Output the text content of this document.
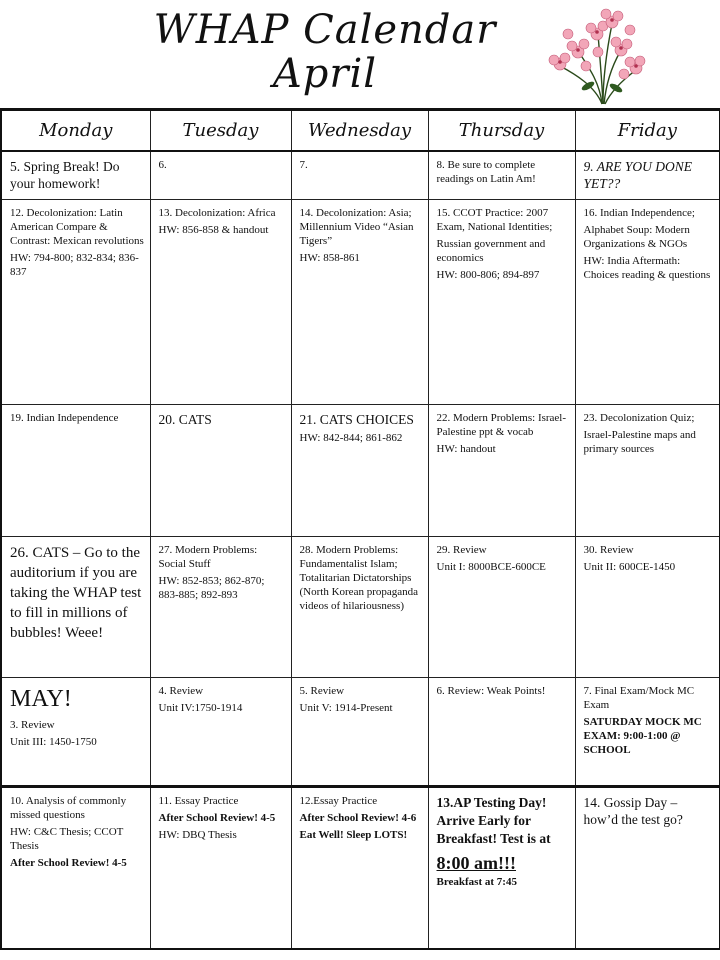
WHAP Calendar
April
Monday	Tuesday	Wednesday	Thursday	Friday

5. Spring Break! Do your homework!	6.	7.	8. Be sure to complete readings on Latin Am!	9. ARE YOU DONE YET??

12. Decolonization: Latin American Compare & Contrast: Mexican revolutions
HW: 794-800; 832-834; 836-837	13. Decolonization: Africa
HW: 856-858 & handout	14. Decolonization: Asia; Millennium Video “Asian Tigers”
HW: 858-861	15. CCOT Practice: 2007 Exam, National Identities;
Russian government and economics
HW: 800-806; 894-897	16. Indian Independence;
Alphabet Soup: Modern Organizations & NGOs
HW: India Aftermath: Choices reading & questions

19. Indian Independence	20. CATS	21. CATS CHOICES
HW: 842-844; 861-862	22. Modern Problems: Israel-Palestine ppt & vocab
HW: handout	23. Decolonization Quiz;
Israel-Palestine maps and primary sources

26. CATS – Go to the auditorium if you are taking the WHAP test to fill in millions of bubbles! Weee!	27. Modern Problems: Social Stuff
HW: 852-853; 862-870; 883-885; 892-893	28. Modern Problems: Fundamentalist Islam; Totalitarian Dictatorships (North Korean propaganda videos of hilariousness)	29. Review
Unit I: 8000BCE-600CE	30. Review
Unit II: 600CE-1450

MAY!
3. Review
Unit III: 1450-1750	4. Review
Unit IV:1750-1914	5. Review
Unit V: 1914-Present	6. Review: Weak Points!	7. Final Exam/Mock MC Exam
SATURDAY MOCK MC EXAM: 9:00-1:00 @ SCHOOL

10. Analysis of commonly missed questions
HW: C&C Thesis; CCOT Thesis
After School Review! 4-5	11. Essay Practice
After School Review! 4-5
HW: DBQ Thesis	12.Essay Practice
After School Review! 4-6
Eat Well! Sleep LOTS!	13.AP Testing Day! Arrive Early for Breakfast! Test is at
8:00 am!!!
Breakfast at 7:45	14. Gossip Day – how’d the test go?
